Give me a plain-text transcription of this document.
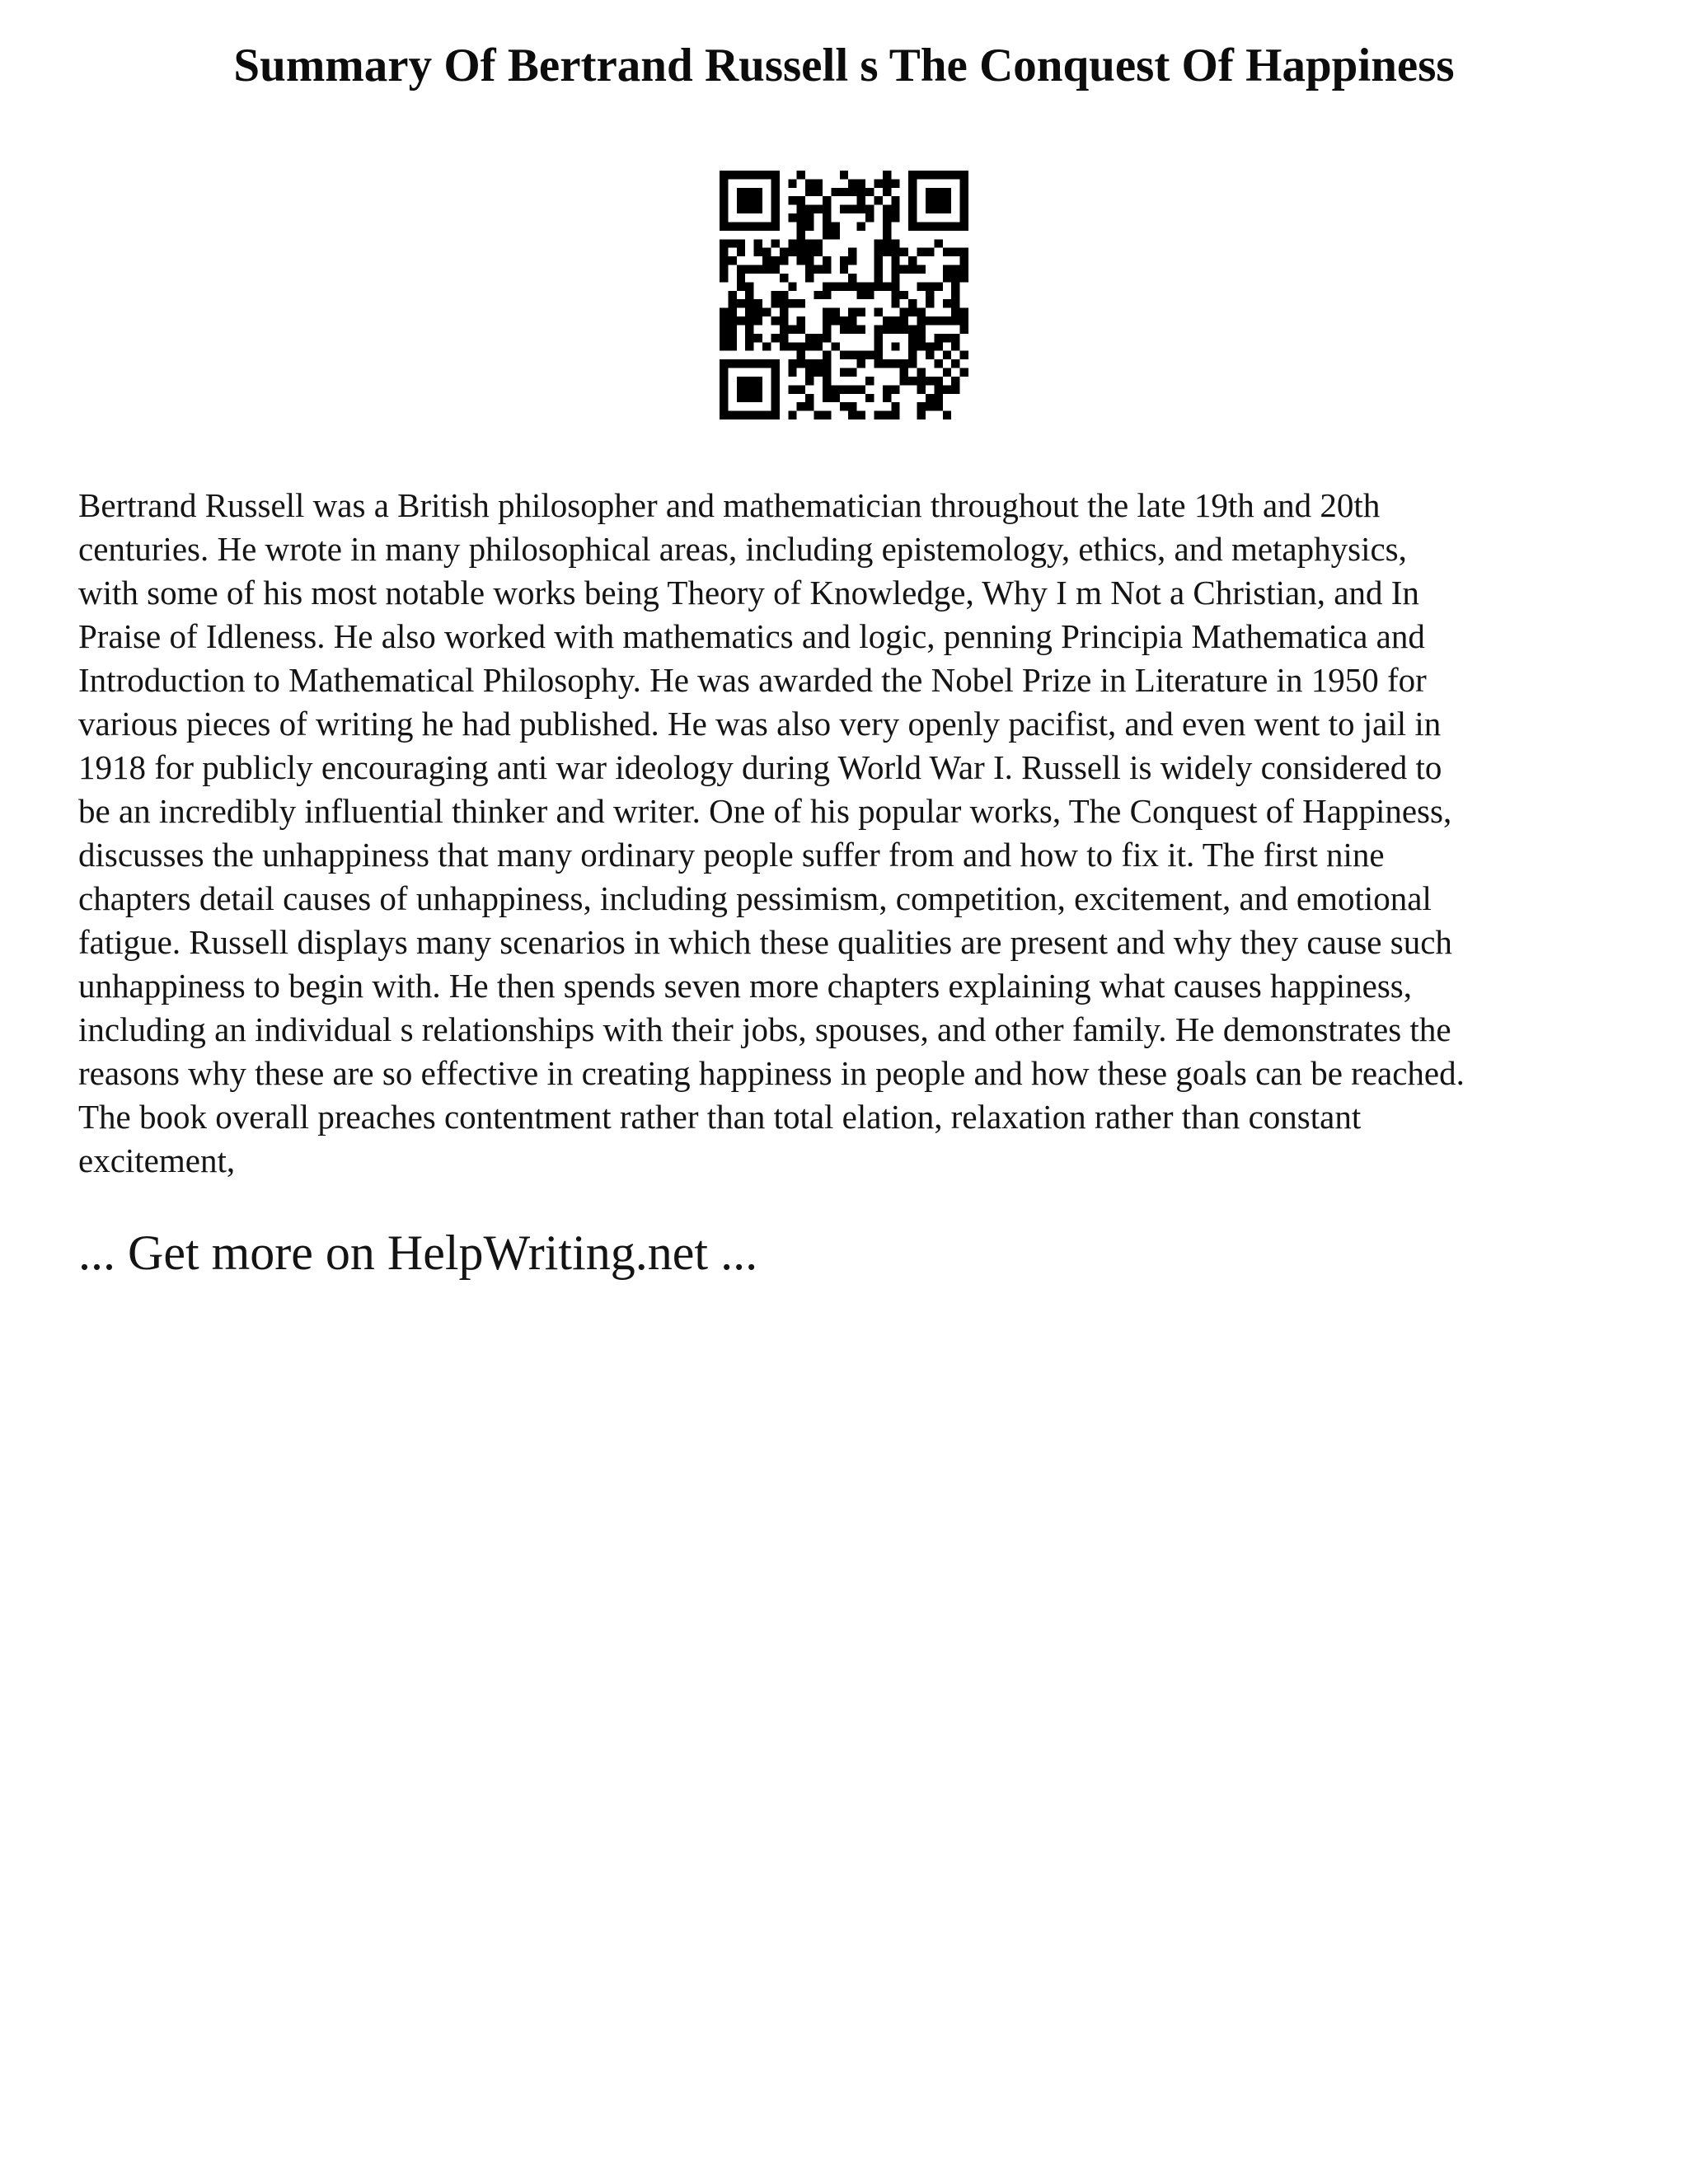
Summary Of Bertrand Russell s The Conquest Of Happiness
Bertrand Russell was a British philosopher and mathematician throughout the late 19th and 20th
centuries. He wrote in many philosophical areas, including epistemology, ethics, and metaphysics,
with some of his most notable works being Theory of Knowledge, Why I m Not a Christian, and In
Praise of Idleness. He also worked with mathematics and logic, penning Principia Mathematica and
Introduction to Mathematical Philosophy. He was awarded the Nobel Prize in Literature in 1950 for
various pieces of writing he had published. He was also very openly pacifist, and even went to jail in
1918 for publicly encouraging anti war ideology during World War I. Russell is widely considered to
be an incredibly influential thinker and writer. One of his popular works, The Conquest of Happiness,
discusses the unhappiness that many ordinary people suffer from and how to fix it. The first nine
chapters detail causes of unhappiness, including pessimism, competition, excitement, and emotional
fatigue. Russell displays many scenarios in which these qualities are present and why they cause such
unhappiness to begin with. He then spends seven more chapters explaining what causes happiness,
including an individual s relationships with their jobs, spouses, and other family. He demonstrates the
reasons why these are so effective in creating happiness in people and how these goals can be reached.
The book overall preaches contentment rather than total elation, relaxation rather than constant
excitement,
... Get more on HelpWriting.net ...
